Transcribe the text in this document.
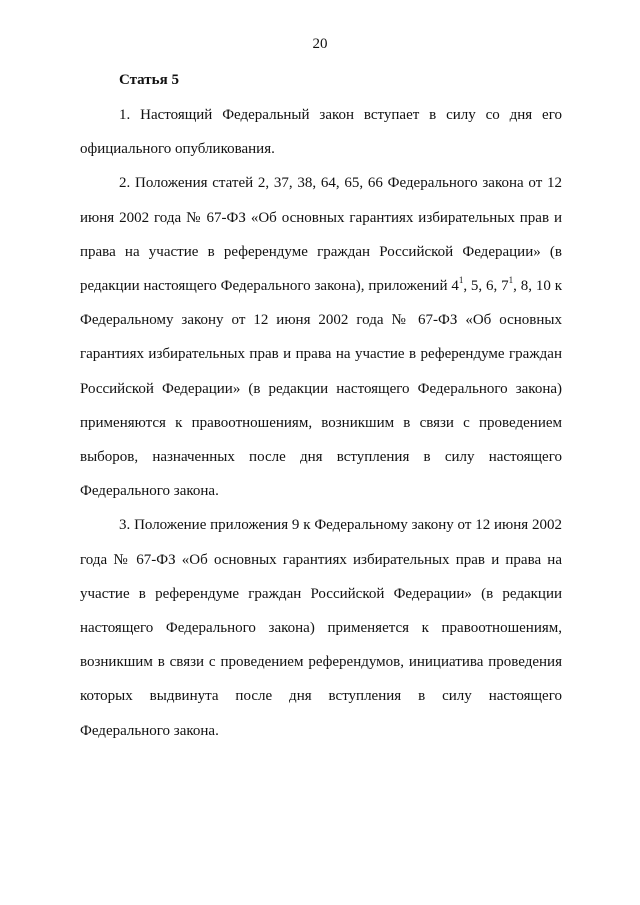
20
Статья 5

1. Настоящий Федеральный закон вступает в силу со дня его официального опубликования.

2. Положения статей 2, 37, 38, 64, 65, 66 Федерального закона от 12 июня 2002 года № 67-ФЗ «Об основных гарантиях избирательных прав и права на участие в референдуме граждан Российской Федерации» (в редакции настоящего Федерального закона), приложений $4^1$, 5, 6, $7^1$, 8, 10 к Федеральному закону от 12 июня 2002 года № 67-ФЗ «Об основных гарантиях избирательных прав и права на участие в референдуме граждан Российской Федерации» (в редакции настоящего Федерального закона) применяются к правоотношениям, возникшим в связи с проведением выборов, назначенных после дня вступления в силу настоящего Федерального закона.

3. Положение приложения 9 к Федеральному закону от 12 июня 2002 года № 67-ФЗ «Об основных гарантиях избирательных прав и права на участие в референдуме граждан Российской Федерации» (в редакции настоящего Федерального закона) применяется к правоотношениям, возникшим в связи с проведением референдумов, инициатива проведения которых выдвинута после дня вступления в силу настоящего Федерального закона.
